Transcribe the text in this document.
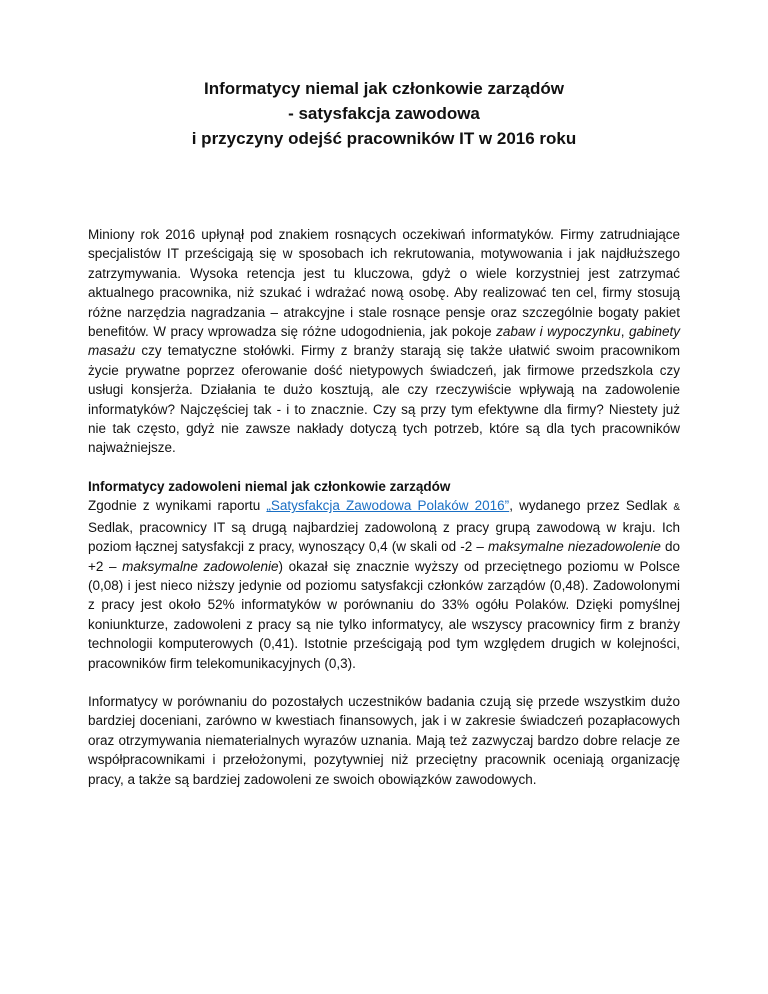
Informatycy niemal jak członkowie zarządów
- satysfakcja zawodowa
i przyczyny odejść pracowników IT w 2016 roku

Miniony rok 2016 upłynął pod znakiem rosnących oczekiwań informatyków. Firmy zatrudniające specjalistów IT prześcigają się w sposobach ich rekrutowania, motywowania i jak najdłuższego zatrzymywania. Wysoka retencja jest tu kluczowa, gdyż o wiele korzystniej jest zatrzymać aktualnego pracownika, niż szukać i wdrażać nową osobę. Aby realizować ten cel, firmy stosują różne narzędzia nagradzania – atrakcyjne i stale rosnące pensje oraz szczególnie bogaty pakiet benefitów. W pracy wprowadza się różne udogodnienia, jak pokoje zabaw i wypoczynku, gabinety masażu czy tematyczne stołówki. Firmy z branży starają się także ułatwić swoim pracownikom życie prywatne poprzez oferowanie dość nietypowych świadczeń, jak firmowe przedszkola czy usługi konsjerża. Działania te dużo kosztują, ale czy rzeczywiście wpływają na zadowolenie informatyków? Najczęściej tak - i to znacznie. Czy są przy tym efektywne dla firmy? Niestety już nie tak często, gdyż nie zawsze nakłady dotyczą tych potrzeb, które są dla tych pracowników najważniejsze.

Informatycy zadowoleni niemal jak członkowie zarządów

Zgodnie z wynikami raportu „Satysfakcja Zawodowa Polaków 2016”, wydanego przez Sedlak & Sedlak, pracownicy IT są drugą najbardziej zadowoloną z pracy grupą zawodową w kraju. Ich poziom łącznej satysfakcji z pracy, wynoszący 0,4 (w skali od -2 – maksymalne niezadowolenie do +2 – maksymalne zadowolenie) okazał się znacznie wyższy od przeciętnego poziomu w Polsce (0,08) i jest nieco niższy jedynie od poziomu satysfakcji członków zarządów (0,48). Zadowolonymi z pracy jest około 52% informatyków w porównaniu do 33% ogółu Polaków. Dzięki pomyślnej koniunkturze, zadowoleni z pracy są nie tylko informatycy, ale wszyscy pracownicy firm z branży technologii komputerowych (0,41). Istotnie prześcigają pod tym względem drugich w kolejności, pracowników firm telekomunikacyjnych (0,3).

Informatycy w porównaniu do pozostałych uczestników badania czują się przede wszystkim dużo bardziej doceniani, zarówno w kwestiach finansowych, jak i w zakresie świadczeń pozapłacowych oraz otrzymywania niematerialnych wyrazów uznania. Mają też zazwyczaj bardzo dobre relacje ze współpracownikami i przełożonymi, pozytywniej niż przeciętny pracownik oceniają organizację pracy, a także są bardziej zadowoleni ze swoich obowiązków zawodowych.
